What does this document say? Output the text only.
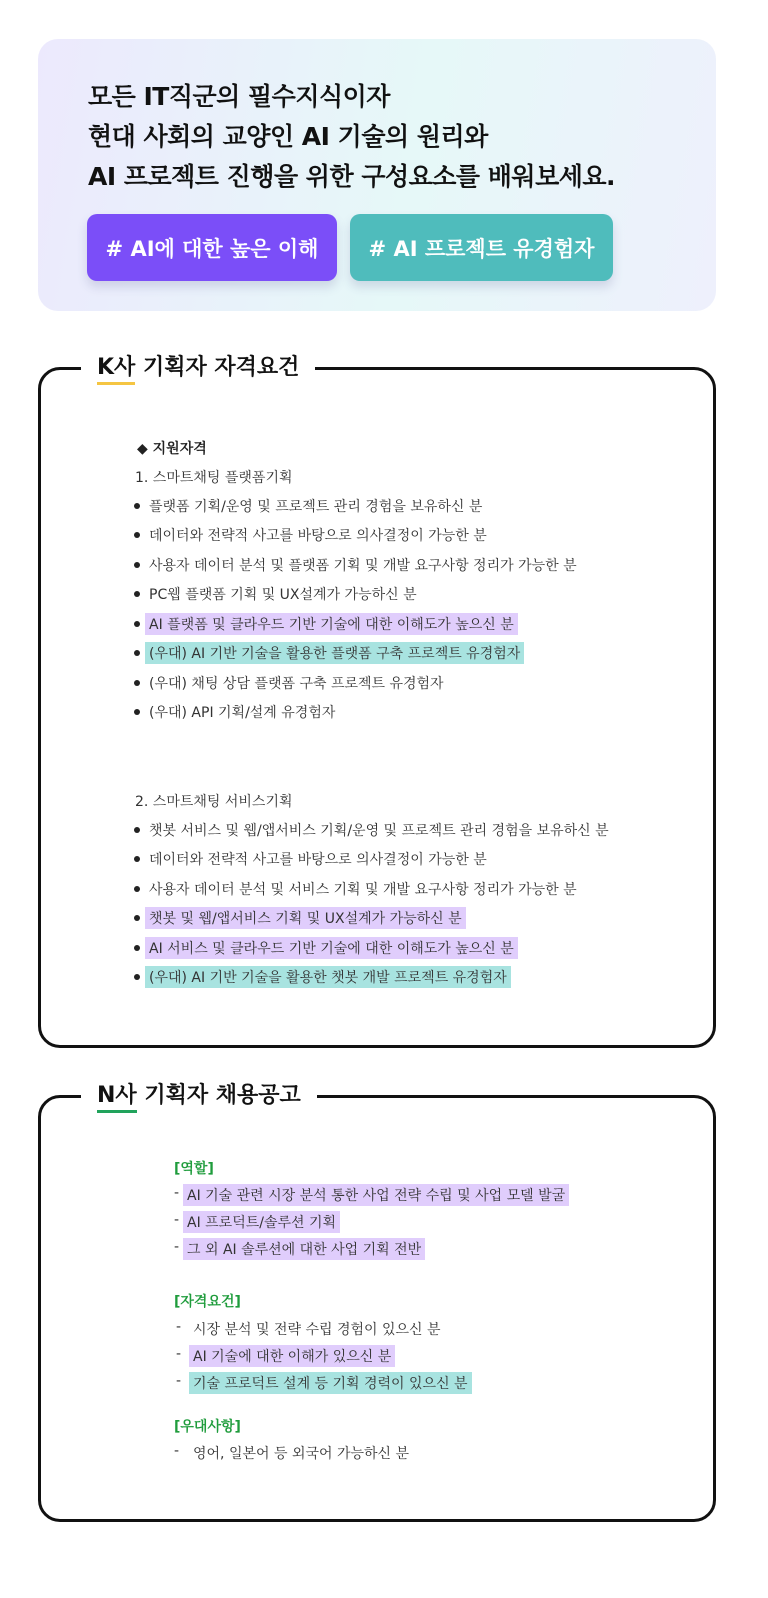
모든 IT직군의 필수지식이자
현대 사회의 교양인 AI 기술의 원리와
AI 프로젝트 진행을 위한 구성요소를 배워보세요.
# AI에 대한 높은 이해	# AI 프로젝트 유경험자
K사 기획자 자격요건
◆ 지원자격
1. 스마트채팅 플랫폼기획
플랫폼 기획/운영 및 프로젝트 관리 경험을 보유하신 분
데이터와 전략적 사고를 바탕으로 의사결정이 가능한 분
사용자 데이터 분석 및 플랫폼 기획 및 개발 요구사항 정리가 가능한 분
PC웹 플랫폼 기획 및 UX설계가 가능하신 분
AI 플랫폼 및 클라우드 기반 기술에 대한 이해도가 높으신 분
(우대) AI 기반 기술을 활용한 플랫폼 구축 프로젝트 유경험자
(우대) 채팅 상담 플랫폼 구축 프로젝트 유경험자
(우대) API 기획/설계 유경험자
2. 스마트채팅 서비스기획
챗봇 서비스 및 웹/앱서비스 기획/운영 및 프로젝트 관리 경험을 보유하신 분
데이터와 전략적 사고를 바탕으로 의사결정이 가능한 분
사용자 데이터 분석 및 서비스 기획 및 개발 요구사항 정리가 가능한 분
챗봇 및 웹/앱서비스 기획 및 UX설계가 가능하신 분
AI 서비스 및 클라우드 기반 기술에 대한 이해도가 높으신 분
(우대) AI 기반 기술을 활용한 챗봇 개발 프로젝트 유경험자
N사 기획자 채용공고
[역할]
- AI 기술 관련 시장 분석 통한 사업 전략 수립 및 사업 모델 발굴
- AI 프로덕트/솔루션 기획
- 그 외 AI 솔루션에 대한 사업 기획 전반
[자격요건]
- 시장 분석 및 전략 수립 경험이 있으신 분
- AI 기술에 대한 이해가 있으신 분
- 기술 프로덕트 설계 등 기획 경력이 있으신 분
[우대사항]
- 영어, 일본어 등 외국어 가능하신 분
